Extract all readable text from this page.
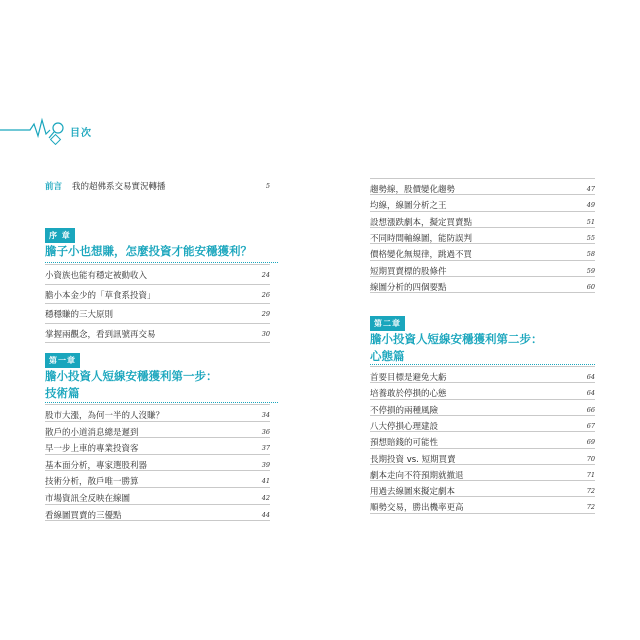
目次
前言 我的超佛系交易實況轉播	5
序 章
膽子小也想賺，怎麼投資才能安穩獲利？
小資族也能有穩定被動收入	24
膽小本金少的「草食系投資」	26
穩穩賺的三大原則	29
掌握兩觀念，看到訊號再交易	30
第一章
膽小投資人短線安穩獲利第一步：
技術篇
股市大漲，為何一半的人沒賺？	34
散戶的小道消息總是遲到	36
早一步上車的專業投資客	37
基本面分析，專家選股利器	39
技術分析，散戶唯一勝算	41
市場資訊全反映在線圖	42
看線圖買賣的三優點	44
趨勢線，股價變化趨勢	47
均線，線圖分析之王	49
設想漲跌劇本，擬定買賣點	51
不同時間軸線圖，能防誤判	55
價格變化無規律，跳過不買	58
短期買賣標的股條件	59
線圖分析的四個要點	60
第二章
膽小投資人短線安穩獲利第二步：
心態篇
首要目標是避免大虧	64
培養敢於停損的心態	64
不停損的兩種風險	66
八大停損心理建設	67
預想賠錢的可能性	69
長期投資 vs. 短期買賣	70
劇本走向不符預期就撤退	71
用過去線圖來擬定劇本	72
順勢交易，勝出機率更高	72
